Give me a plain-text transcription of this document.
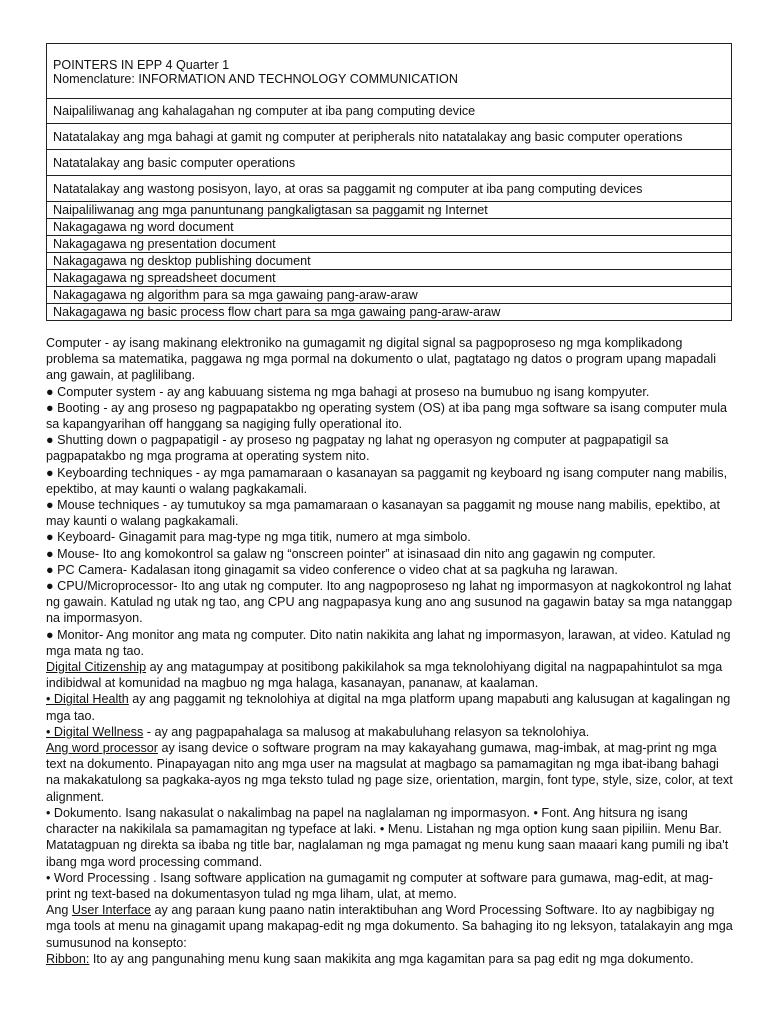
POINTERS IN EPP 4 Quarter 1
Nomenclature: INFORMATION AND TECHNOLOGY COMMUNICATION

Naipaliliwanag ang kahalagahan ng computer at iba pang computing device
Natatalakay ang mga bahagi at gamit ng computer at peripherals nito natatalakay ang basic computer operations
Natatalakay ang basic computer operations
Natatalakay ang wastong posisyon, layo, at oras sa paggamit ng computer at iba pang computing devices
Naipaliliwanag ang mga panuntunang pangkaligtasan sa paggamit ng Internet
Nakagagawa ng word document
Nakagagawa ng presentation document
Nakagagawa ng desktop publishing document
Nakagagawa ng spreadsheet document
Nakagagawa ng algorithm para sa mga gawaing pang-araw-araw
Nakagagawa ng basic process flow chart para sa mga gawaing pang-araw-araw

Computer - ay isang makinang elektroniko na gumagamit ng digital signal sa pagpoproseso ng mga komplikadong problema sa matematika, paggawa ng mga pormal na dokumento o ulat, pagtatago ng datos o program upang mapadali ang gawain, at paglilibang.

● Computer system - ay ang kabuuang sistema ng mga bahagi at proseso na bumubuo ng isang kompyuter.

● Booting - ay ang proseso ng pagpapatakbo ng operating system (OS) at iba pang mga software sa isang computer mula sa kapangyarihan off hanggang sa nagiging fully operational ito.

● Shutting down o pagpapatigil - ay proseso ng pagpatay ng lahat ng operasyon ng computer at pagpapatigil sa pagpapatakbo ng mga programa at operating system nito.

● Keyboarding techniques - ay mga pamamaraan o kasanayan sa paggamit ng keyboard ng isang computer nang mabilis, epektibo, at may kaunti o walang pagkakamali.

● Mouse techniques - ay tumutukoy sa mga pamamaraan o kasanayan sa paggamit ng mouse nang mabilis, epektibo, at may kaunti o walang pagkakamali.

● Keyboard- Ginagamit para mag-type ng mga titik, numero at mga simbolo.

● Mouse- Ito ang komokontrol sa galaw ng “onscreen pointer” at isinasaad din nito ang gagawin ng computer.

● PC Camera- Kadalasan itong ginagamit sa video conference o video chat at sa pagkuha ng larawan.

● CPU/Microprocessor- Ito ang utak ng computer. Ito ang nagpoproseso ng lahat ng impormasyon at nagkokontrol ng lahat ng gawain. Katulad ng utak ng tao, ang CPU ang nagpapasya kung ano ang susunod na gagawin batay sa mga natanggap na impormasyon.

● Monitor- Ang monitor ang mata ng computer. Dito natin nakikita ang lahat ng impormasyon, larawan, at video. Katulad ng mga mata ng tao.

Digital Citizenship ay ang matagumpay at positibong pakikilahok sa mga teknolohiyang digital na nagpapahintulot sa mga indibidwal at komunidad na magbuo ng mga halaga, kasanayan, pananaw, at kaalaman.

• Digital Health ay ang paggamit ng teknolohiya at digital na mga platform upang mapabuti ang kalusugan at kagalingan ng mga tao.

• Digital Wellness - ay ang pagpapahalaga sa malusog at makabuluhang relasyon sa teknolohiya.

Ang word processor ay isang device o software program na may kakayahang gumawa, mag-imbak, at mag-print ng mga text na dokumento. Pinapayagan nito ang mga user na magsulat at magbago sa pamamagitan ng mga ibat-ibang bahagi na makakatulong sa pagkaka-ayos ng mga teksto tulad ng page size, orientation, margin, font type, style, size, color, at text alignment.

• Dokumento. Isang nakasulat o nakalimbag na papel na naglalaman ng impormasyon. • Font. Ang hitsura ng isang character na nakikilala sa pamamagitan ng typeface at laki. • Menu. Listahan ng mga option kung saan pipiliin. Menu Bar. Matatagpuan ng direkta sa ibaba ng title bar, naglalaman ng mga pamagat ng menu kung saan maaari kang pumili ng iba't ibang mga word processing command.

• Word Processing . Isang software application na gumagamit ng computer at software para gumawa, mag-edit, at mag-print ng text-based na dokumentasyon tulad ng mga liham, ulat, at memo.

Ang User Interface ay ang paraan kung paano natin interaktibuhan ang Word Processing Software. Ito ay nagbibigay ng mga tools at menu na ginagamit upang makapag-edit ng mga dokumento. Sa bahaging ito ng leksyon, tatalakayin ang mga sumusunod na konsepto:

Ribbon: Ito ay ang pangunahing menu kung saan makikita ang mga kagamitan para sa pag edit ng mga dokumento.
